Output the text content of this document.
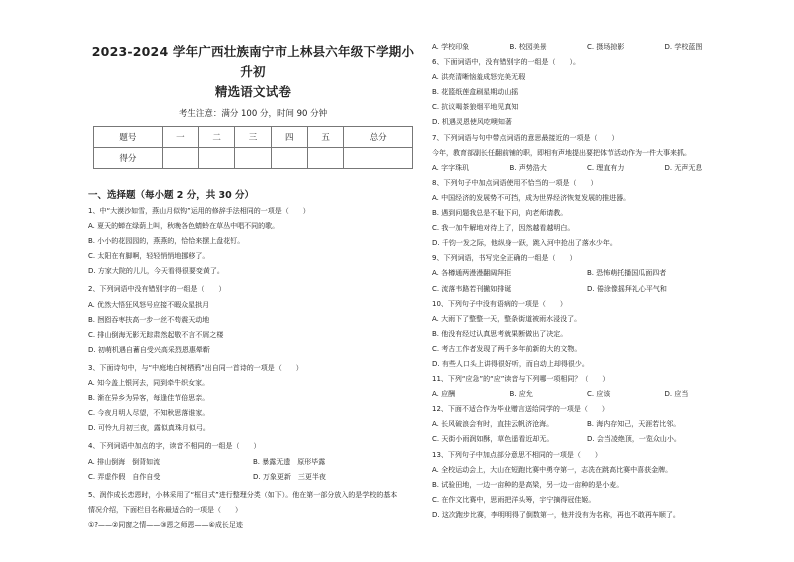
2023-2024 学年广西壮族南宁市上林县六年级下学期小升初
精选语文试卷
考生注意：满分 100 分，时间 90 分钟
题号	一	二	三	四	五	总分
得分						
一、选择题（每小题 2 分，共 30 分）
1、中“大漠沙如雪，燕山月似钩”运用的修辞手法相同的一项是（　　）
A. 夏天的蝉在绿荫上叫，秋晚各色蜻蛉在草丛中唱不同的歌。
B. 小小的花园园的，燕燕的，恰恰来摆上盘花钉。
C. 太阳在有脚啊，轻轻悄悄地挪移了。
D. 方家大院的儿儿，今天看得很要变黄了。
2、下列词语中没有错别字的一组是（　　）
A. 优然大悟狂风怒号应接不暇众星拱月
B. 囫囵吞枣扶高一步一丝不苟震天动地
C. 排山倒海无影无踪肃然起敬不言不屑之楼
D. 初萌机遇自蓄自受兴高采烈恩惠晕靳
3、下面诗句中，与“中庭地白树栖鸦”出自同一首诗的一项是（　　）
A. 知今盖上银河去，同到牵牛织女家。
B. 渐在异乡为异客，每逢佳节倍思亲。
C. 今夜月明人尽望，不知秋思落谁家。
D. 可怜九月初三夜，露似真珠月似弓。
4、下列词语中加点的字，读音不相同的一组是（　　）
A. 排山倒海　倒背如流	B. 暴露无遗　原形毕露
C. 弄虚作假　自作自受	D. 万象更新　三更半夜
5、润作成长恋恩时，小林采用了“框目式”进行整理分类（如下）。他在第一部分放入的是学校的基本
情况介绍，下面栏目名称最适合的一项是（　　）
①?——②同窗之情——③恩之师恩——④成长足迹
A. 学校印象	B. 校园美景	C. 摄场掠影	D. 学校蓝图
6、下面词语中，没有错别字的一组是（　　）。
A. 洪亮清晰恼羞成怒完美无瑕
B. 花篮纸莲盒刷星期动山摇
C. 抗议喝茶狼烟平地见真知
D. 机遇灵恩使风吃噢知著
7、下列词语与句中带点词语的意思最接近的一项是（　　）
今年，教育部副长任翻前铺的职，即相有声地提出要把体节活动作为一件大事来抓。
A. 字字珠玑	B. 声势浩大	C. 理直有力	D. 无声无息
8、下列句子中加点词语使用不恰当的一项是（　　）
A. 中国经济的发展势不可挡，成为世界经济恢复发展的推进器。
B. 遇到问题我总是不耻下问，向老师请教。
C. 我一加牛解地对待上了，因然越看越明白。
D. 千钧一发之际，他纵身一跃，跳入河中抢出了落水少年。
9、下列词语，书写完全正确的一组是（　　）
A. 各樽通两漫漫翻阔拜拒	B. 恐怖萌托播国瓜面四者
C. 流落韦路若刊撇如排诞	D. 倦涂像摇拜礼心平气和
10、下列句子中没有语病的一项是（　　）
A. 大雨下了整整一天，整条街道被雨水浸没了。
B. 他没有经过认真思考就果断做出了决定。
C. 考古工作者发现了两千多年前新的大的文物。
D. 有些人口头上讲得很好听，而自动上却得很少。
11、下列“应急”的“应”读音与下列哪一项相同？（　　）
A. 应酬	B. 应允	C. 应该	D. 应当
12、下面不适合作为毕业赠言送给同学的一项是（　　）
A. 长风破浪会有时，直挂云帆济沧海。	B. 海内存知己，天涯若比邻。
C. 天街小雨润如酥，草色遥看近却无。	D. 会当凌绝顶，一览众山小。
13、下列句子中加点部分意思不相同的一项是（　　）
A. 全校运动会上，大山在短跑比赛中勇夺第一，志冼在跳高比赛中喜获金牌。
B. 试验田地，一边一亩种的是高梁，另一边一亩种的是小麦。
C. 在作文比赛中，思雨把洋头筹，宇宁摘得冠佳姬。
D. 这次跑步比赛，李明明得了倒数第一，他并没有为名称，再也不敢再车顺了。
